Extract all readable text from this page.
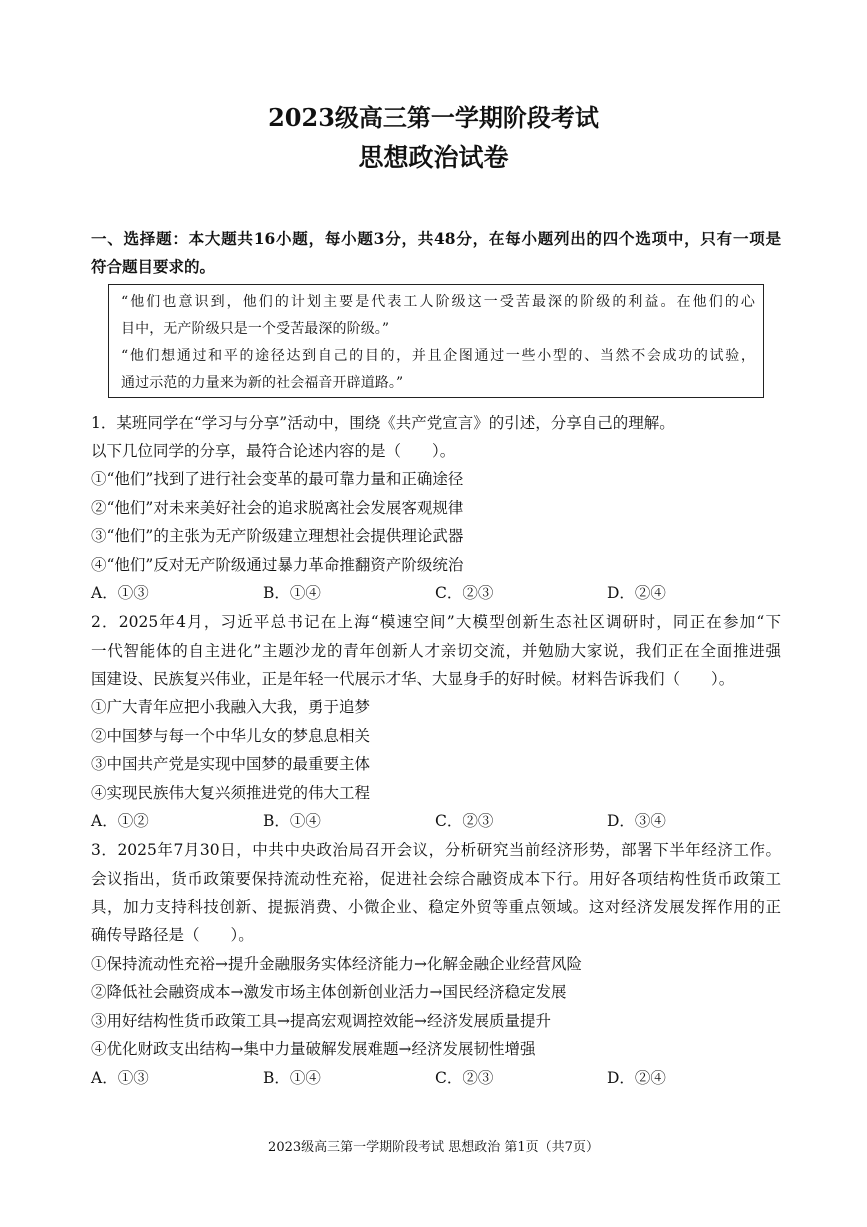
2023级高三第一学期阶段考试
思想政治试卷
一、选择题：本大题共16小题，每小题3分，共48分，在每小题列出的四个选项中，只有一项是
符合题目要求的。

“他们也意识到，他们的计划主要是代表工人阶级这一受苦最深的阶级的利益。在他们的心

目中，无产阶级只是一个受苦最深的阶级。”

“他们想通过和平的途径达到自己的目的，并且企图通过一些小型的、当然不会成功的试验，

通过示范的力量来为新的社会福音开辟道路。”

1．某班同学在“学习与分享”活动中，围绕《共产党宣言》的引述，分享自己的理解。
以下几位同学的分享，最符合论述内容的是（　　）。
①“他们”找到了进行社会变革的最可靠力量和正确途径
②“他们”对未来美好社会的追求脱离社会发展客观规律
③“他们”的主张为无产阶级建立理想社会提供理论武器
④“他们”反对无产阶级通过暴力革命推翻资产阶级统治
A．①③	B．①④	C．②③	D．②④
2．2025年4月，习近平总书记在上海“模速空间”大模型创新生态社区调研时，同正在参加“下
一代智能体的自主进化”主题沙龙的青年创新人才亲切交流，并勉励大家说，我们正在全面推进强
国建设、民族复兴伟业，正是年轻一代展示才华、大显身手的好时候。材料告诉我们（　　）。
①广大青年应把小我融入大我，勇于追梦
②中国梦与每一个中华儿女的梦息息相关
③中国共产党是实现中国梦的最重要主体
④实现民族伟大复兴须推进党的伟大工程
A．①②	B．①④	C．②③	D．③④
3．2025年7月30日，中共中央政治局召开会议，分析研究当前经济形势，部署下半年经济工作。
会议指出，货币政策要保持流动性充裕，促进社会综合融资成本下行。用好各项结构性货币政策工
具，加力支持科技创新、提振消费、小微企业、稳定外贸等重点领域。这对经济发展发挥作用的正
确传导路径是（　　）。
①保持流动性充裕→提升金融服务实体经济能力→化解金融企业经营风险
②降低社会融资成本→激发市场主体创新创业活力→国民经济稳定发展
③用好结构性货币政策工具→提高宏观调控效能→经济发展质量提升
④优化财政支出结构→集中力量破解发展难题→经济发展韧性增强
A．①③	B．①④	C．②③	D．②④
2023级高三第一学期阶段考试 思想政治 第1页（共7页）
